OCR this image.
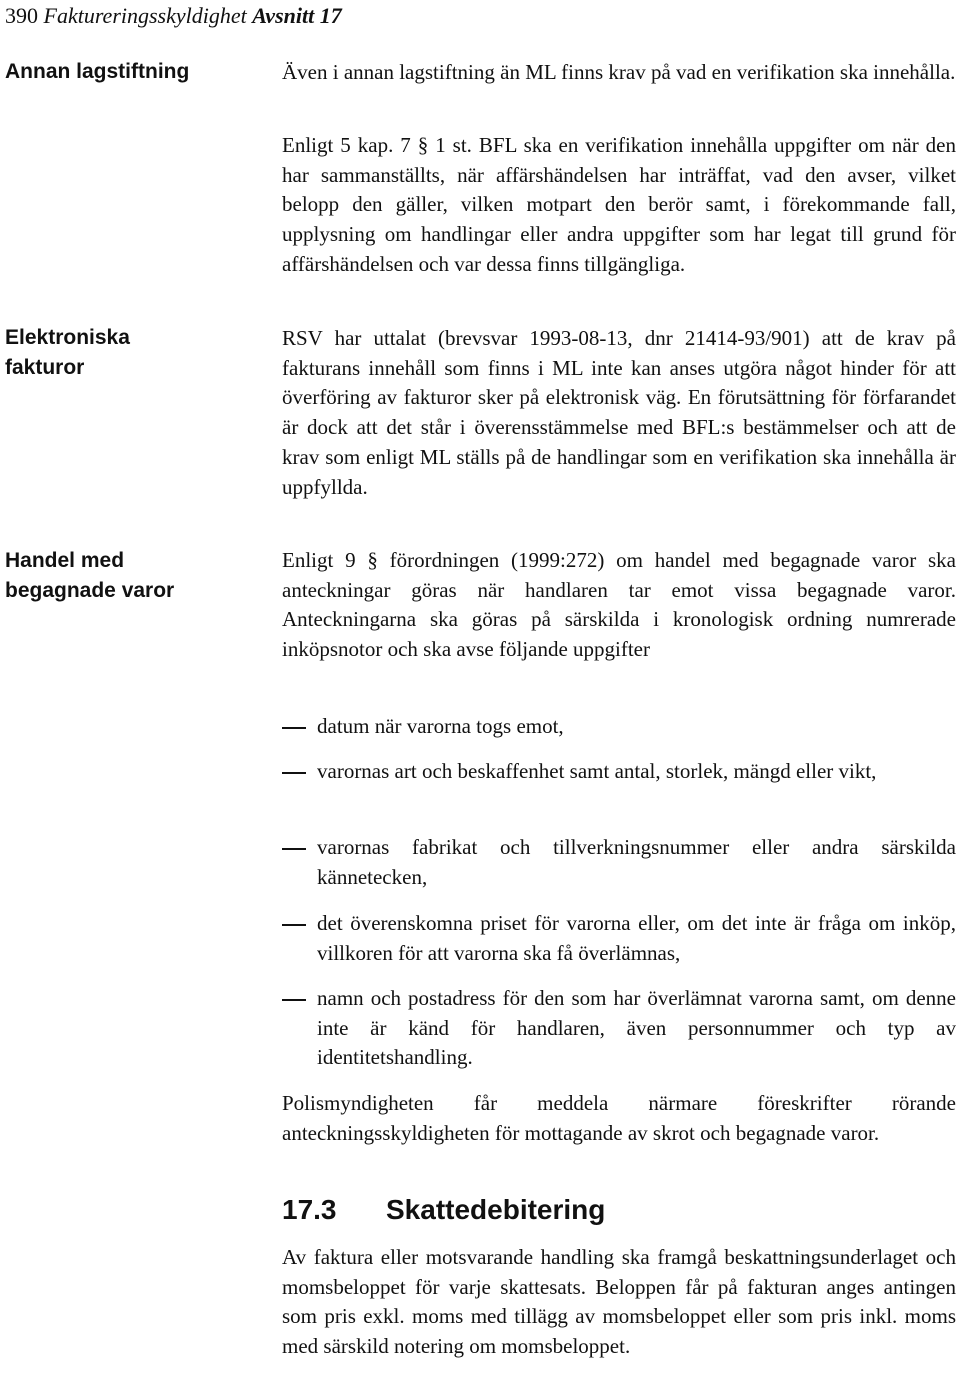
390 Faktureringsskyldighet Avsnitt 17
Annan lagstiftning
Elektroniska fakturor
Handel med begagnade varor

Även i annan lagstiftning än ML finns krav på vad en verifikation ska innehålla.

Enligt 5 kap. 7 § 1 st. BFL ska en verifikation innehålla uppgifter om när den har sammanställts, när affärshändelsen har inträffat, vad den avser, vilket belopp den gäller, vilken motpart den berör samt, i förekommande fall, upplysning om handlingar eller andra uppgifter som har legat till grund för affärshändelsen och var dessa finns tillgängliga.

RSV har uttalat (brevsvar 1993-08-13, dnr 21414-93/901) att de krav på fakturans innehåll som finns i ML inte kan anses utgöra något hinder för att överföring av fakturor sker på elektronisk väg. En förutsättning för förfarandet är dock att det står i överensstämmelse med BFL:s bestämmelser och att de krav som enligt ML ställs på de handlingar som en verifikation ska innehålla är uppfyllda.

Enligt 9 § förordningen (1999:272) om handel med begagnade varor ska anteckningar göras när handlaren tar emot vissa begagnade varor. Anteckningarna ska göras på särskilda i kronologisk ordning numrerade inköpsnotor och ska avse följande uppgifter

datum när varorna togs emot,
varornas art och beskaffenhet samt antal, storlek, mängd eller vikt,
varornas fabrikat och tillverkningsnummer eller andra särskilda kännetecken,
det överenskomna priset för varorna eller, om det inte är fråga om inköp, villkoren för att varorna ska få överlämnas,
namn och postadress för den som har överlämnat varorna samt, om denne inte är känd för handlaren, även personnummer och typ av identitetshandling.

Polismyndigheten får meddela närmare föreskrifter rörande anteckningsskyldigheten för mottagande av skrot och begagnade varor.

17.3 Skattedebitering

Av faktura eller motsvarande handling ska framgå beskattningsunderlaget och momsbeloppet för varje skattesats. Beloppen får på fakturan anges antingen som pris exkl. moms med tillägg av momsbeloppet eller som pris inkl. moms med särskild notering om momsbeloppet.
